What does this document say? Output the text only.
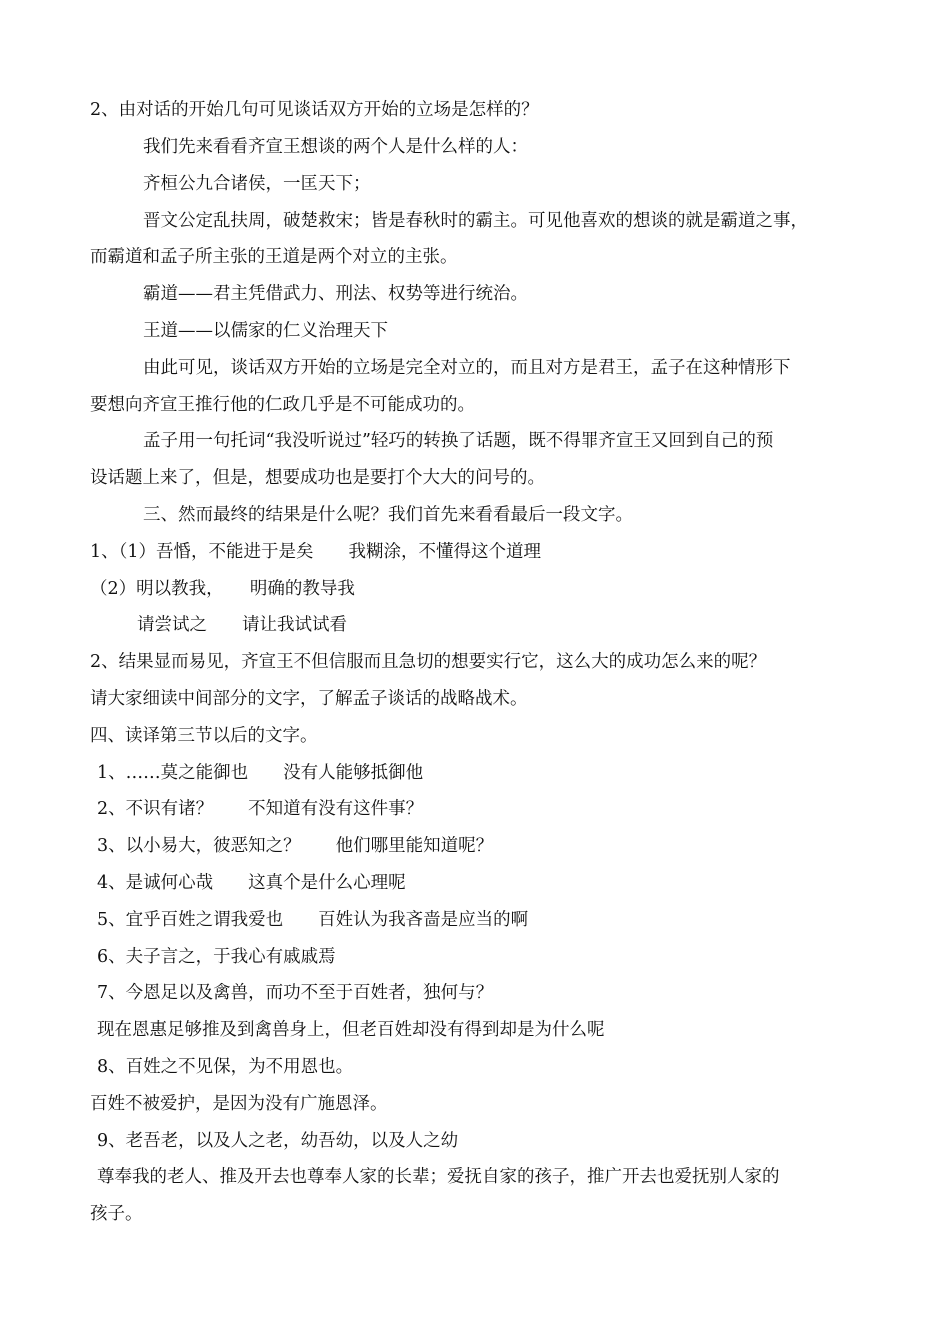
2、由对话的开始几句可见谈话双方开始的立场是怎样的？
我们先来看看齐宣王想谈的两个人是什么样的人：
齐桓公九合诸侯，一匡天下；
晋文公定乱扶周，破楚救宋；皆是春秋时的霸主。可见他喜欢的想谈的就是霸道之事，
而霸道和孟子所主张的王道是两个对立的主张。
霸道——君主凭借武力、刑法、权势等进行统治。
王道——以儒家的仁义治理天下
由此可见，谈话双方开始的立场是完全对立的，而且对方是君王，孟子在这种情形下
要想向齐宣王推行他的仁政几乎是不可能成功的。
孟子用一句托词“我没听说过”轻巧的转换了话题，既不得罪齐宣王又回到自己的预
设话题上来了，但是，想要成功也是要打个大大的问号的。
三、然而最终的结果是什么呢？我们首先来看看最后一段文字。
1、（1）吾惛，不能进于是矣　　我糊涂，不懂得这个道理
（2）明以教我，　　明确的教导我
请尝试之　　请让我试试看
2、结果显而易见，齐宣王不但信服而且急切的想要实行它，这么大的成功怎么来的呢？
请大家细读中间部分的文字，了解孟子谈话的战略战术。
四、读译第三节以后的文字。
1、……莫之能御也　　没有人能够抵御他
2、不识有诸？　　不知道有没有这件事？
3、以小易大，彼恶知之？　　他们哪里能知道呢？
4、是诚何心哉　　这真个是什么心理呢
5、宜乎百姓之谓我爱也　　百姓认为我吝啬是应当的啊
6、夫子言之，于我心有戚戚焉
7、今恩足以及禽兽，而功不至于百姓者，独何与？
现在恩惠足够推及到禽兽身上，但老百姓却没有得到却是为什么呢
8、百姓之不见保，为不用恩也。
百姓不被爱护，是因为没有广施恩泽。
9、老吾老，以及人之老，幼吾幼，以及人之幼
尊奉我的老人、推及开去也尊奉人家的长辈；爱抚自家的孩子，推广开去也爱抚别人家的
孩子。
